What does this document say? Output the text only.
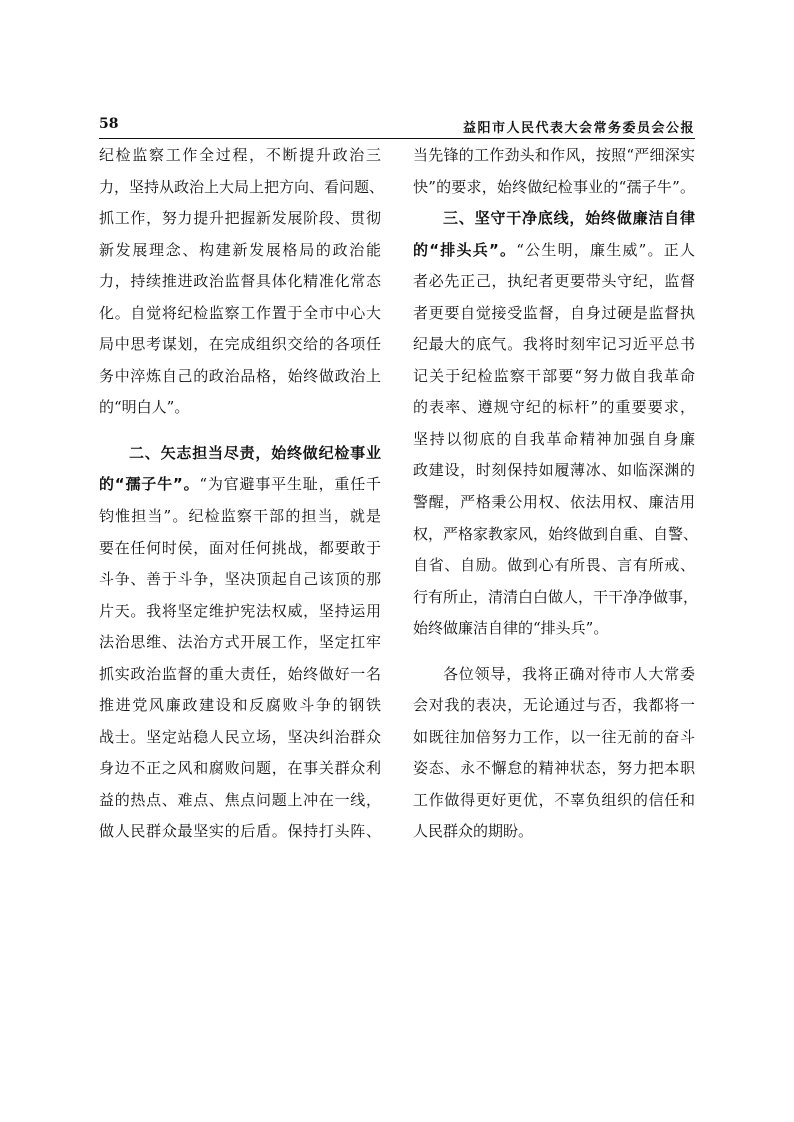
58	益阳市人民代表大会常务委员会公报
纪检监察工作全过程，不断提升政治三
力，坚持从政治上大局上把方向、看问题、
抓工作，努力提升把握新发展阶段、贯彻
新发展理念、构建新发展格局的政治能
力，持续推进政治监督具体化精准化常态
化。自觉将纪检监察工作置于全市中心大
局中思考谋划，在完成组织交给的各项任
务中淬炼自己的政治品格，始终做政治上
的“明白人”。
二、矢志担当尽责，始终做纪检事业
的“孺子牛”。“为官避事平生耻，重任千
钧惟担当”。纪检监察干部的担当，就是
要在任何时侯，面对任何挑战，都要敢于
斗争、善于斗争，坚决顶起自己该顶的那
片天。我将坚定维护宪法权威，坚持运用
法治思维、法治方式开展工作，坚定扛牢
抓实政治监督的重大责任，始终做好一名
推进党风廉政建设和反腐败斗争的钢铁
战士。坚定站稳人民立场，坚决纠治群众
身边不正之风和腐败问题，在事关群众利
益的热点、难点、焦点问题上冲在一线，
做人民群众最坚实的后盾。保持打头阵、
当先锋的工作劲头和作风，按照“严细深实
快”的要求，始终做纪检事业的“孺子牛”。
三、坚守干净底线，始终做廉洁自律
的“排头兵”。“公生明，廉生威”。正人
者必先正己，执纪者更要带头守纪，监督
者更要自觉接受监督，自身过硬是监督执
纪最大的底气。我将时刻牢记习近平总书
记关于纪检监察干部要“努力做自我革命
的表率、遵规守纪的标杆”的重要要求，
坚持以彻底的自我革命精神加强自身廉
政建设，时刻保持如履薄冰、如临深渊的
警醒，严格秉公用权、依法用权、廉洁用
权，严格家教家风，始终做到自重、自警、
自省、自励。做到心有所畏、言有所戒、
行有所止，清清白白做人，干干净净做事，
始终做廉洁自律的“排头兵”。
各位领导，我将正确对待市人大常委
会对我的表决，无论通过与否，我都将一
如既往加倍努力工作，以一往无前的奋斗
姿态、永不懈怠的精神状态，努力把本职
工作做得更好更优，不辜负组织的信任和
人民群众的期盼。
